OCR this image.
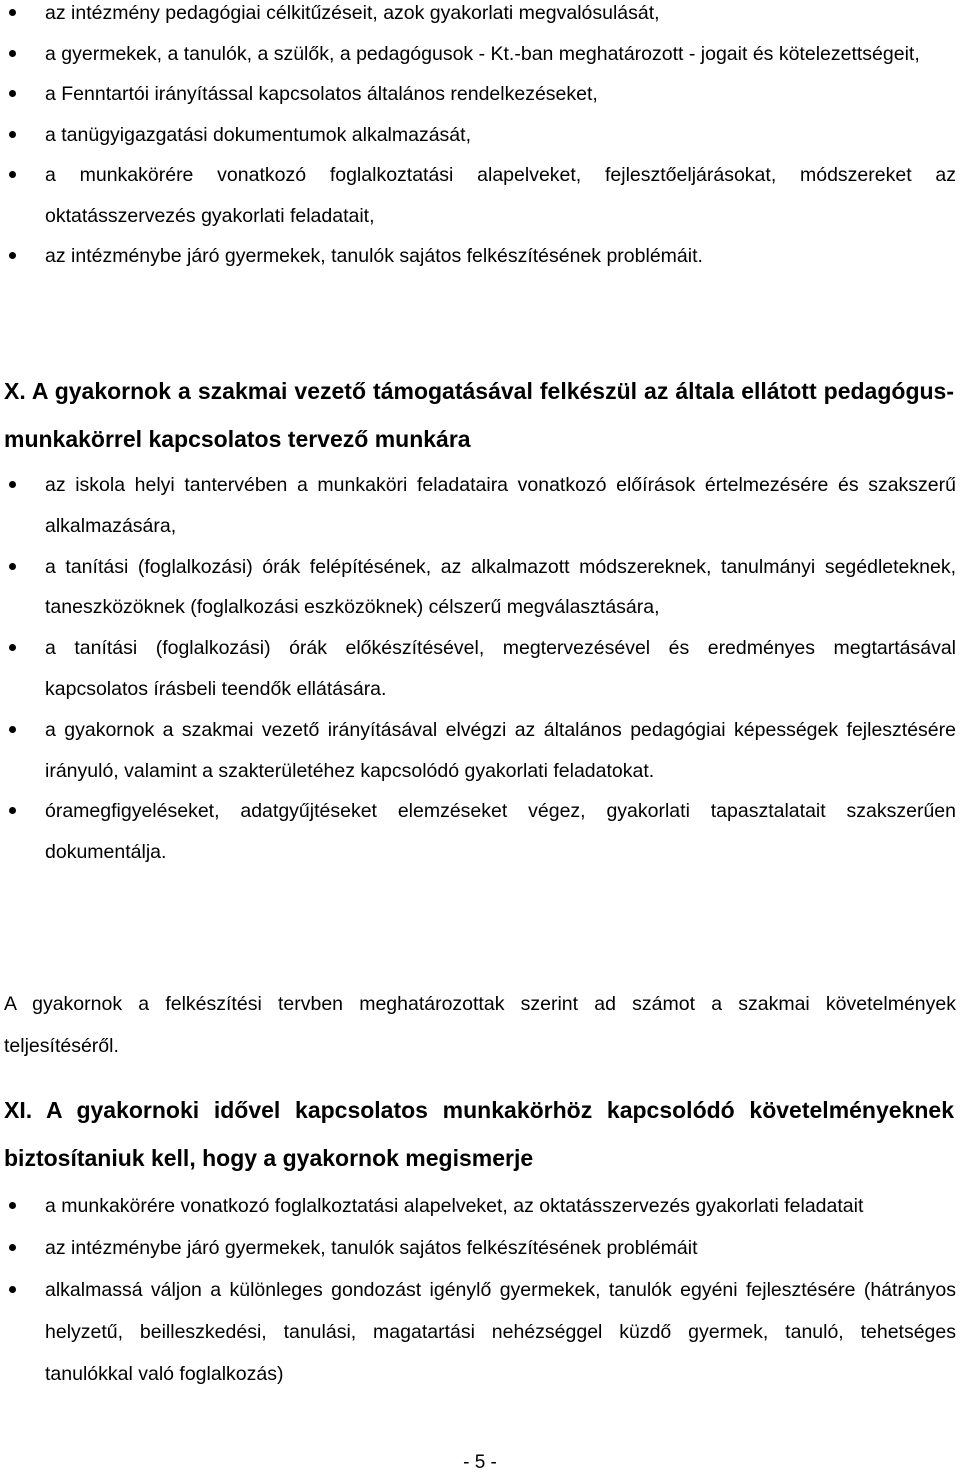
az intézmény pedagógiai célkitűzéseit, azok gyakorlati megvalósulását,
a gyermekek, a tanulók, a szülők, a pedagógusok - Kt.-ban meghatározott - jogait és kötelezettségeit,
a Fenntartói irányítással kapcsolatos általános rendelkezéseket,
a tanügyigazgatási dokumentumok alkalmazását,
a munkakörére vonatkozó foglalkoztatási alapelveket, fejlesztőeljárásokat, módszereket az oktatásszervezés gyakorlati feladatait,
az intézménybe járó gyermekek, tanulók sajátos felkészítésének problémáit.
X. A gyakornok a szakmai vezető támogatásával felkészül az általa ellátott pedagógus-munkakörrel kapcsolatos tervező munkára
az iskola helyi tantervében a munkaköri feladataira vonatkozó előírások értelmezésére és szakszerű alkalmazására,
a tanítási (foglalkozási) órák felépítésének, az alkalmazott módszereknek, tanulmányi segédleteknek, taneszközöknek (foglalkozási eszközöknek) célszerű megválasztására,
a tanítási (foglalkozási) órák előkészítésével, megtervezésével és eredményes megtartásával kapcsolatos írásbeli teendők ellátására.
a gyakornok a szakmai vezető irányításával elvégzi az általános pedagógiai képességek fejlesztésére irányuló, valamint a szakterületéhez kapcsolódó gyakorlati feladatokat.
óramegfigyeléseket, adatgyűjtéseket elemzéseket végez, gyakorlati tapasztalatait szakszerűen dokumentálja.

A gyakornok a felkészítési tervben meghatározottak szerint ad számot a szakmai követelmények teljesítéséről.

XI. A gyakornoki idővel kapcsolatos munkakörhöz kapcsolódó követelményeknek biztosítaniuk kell, hogy a gyakornok megismerje
a munkakörére vonatkozó foglalkoztatási alapelveket, az oktatásszervezés gyakorlati feladatait
az intézménybe járó gyermekek, tanulók sajátos felkészítésének problémáit
alkalmassá váljon a különleges gondozást igénylő gyermekek, tanulók egyéni fejlesztésére (hátrányos helyzetű, beilleszkedési, tanulási, magatartási nehézséggel küzdő gyermek, tanuló, tehetséges tanulókkal való foglalkozás)
- 5 -
